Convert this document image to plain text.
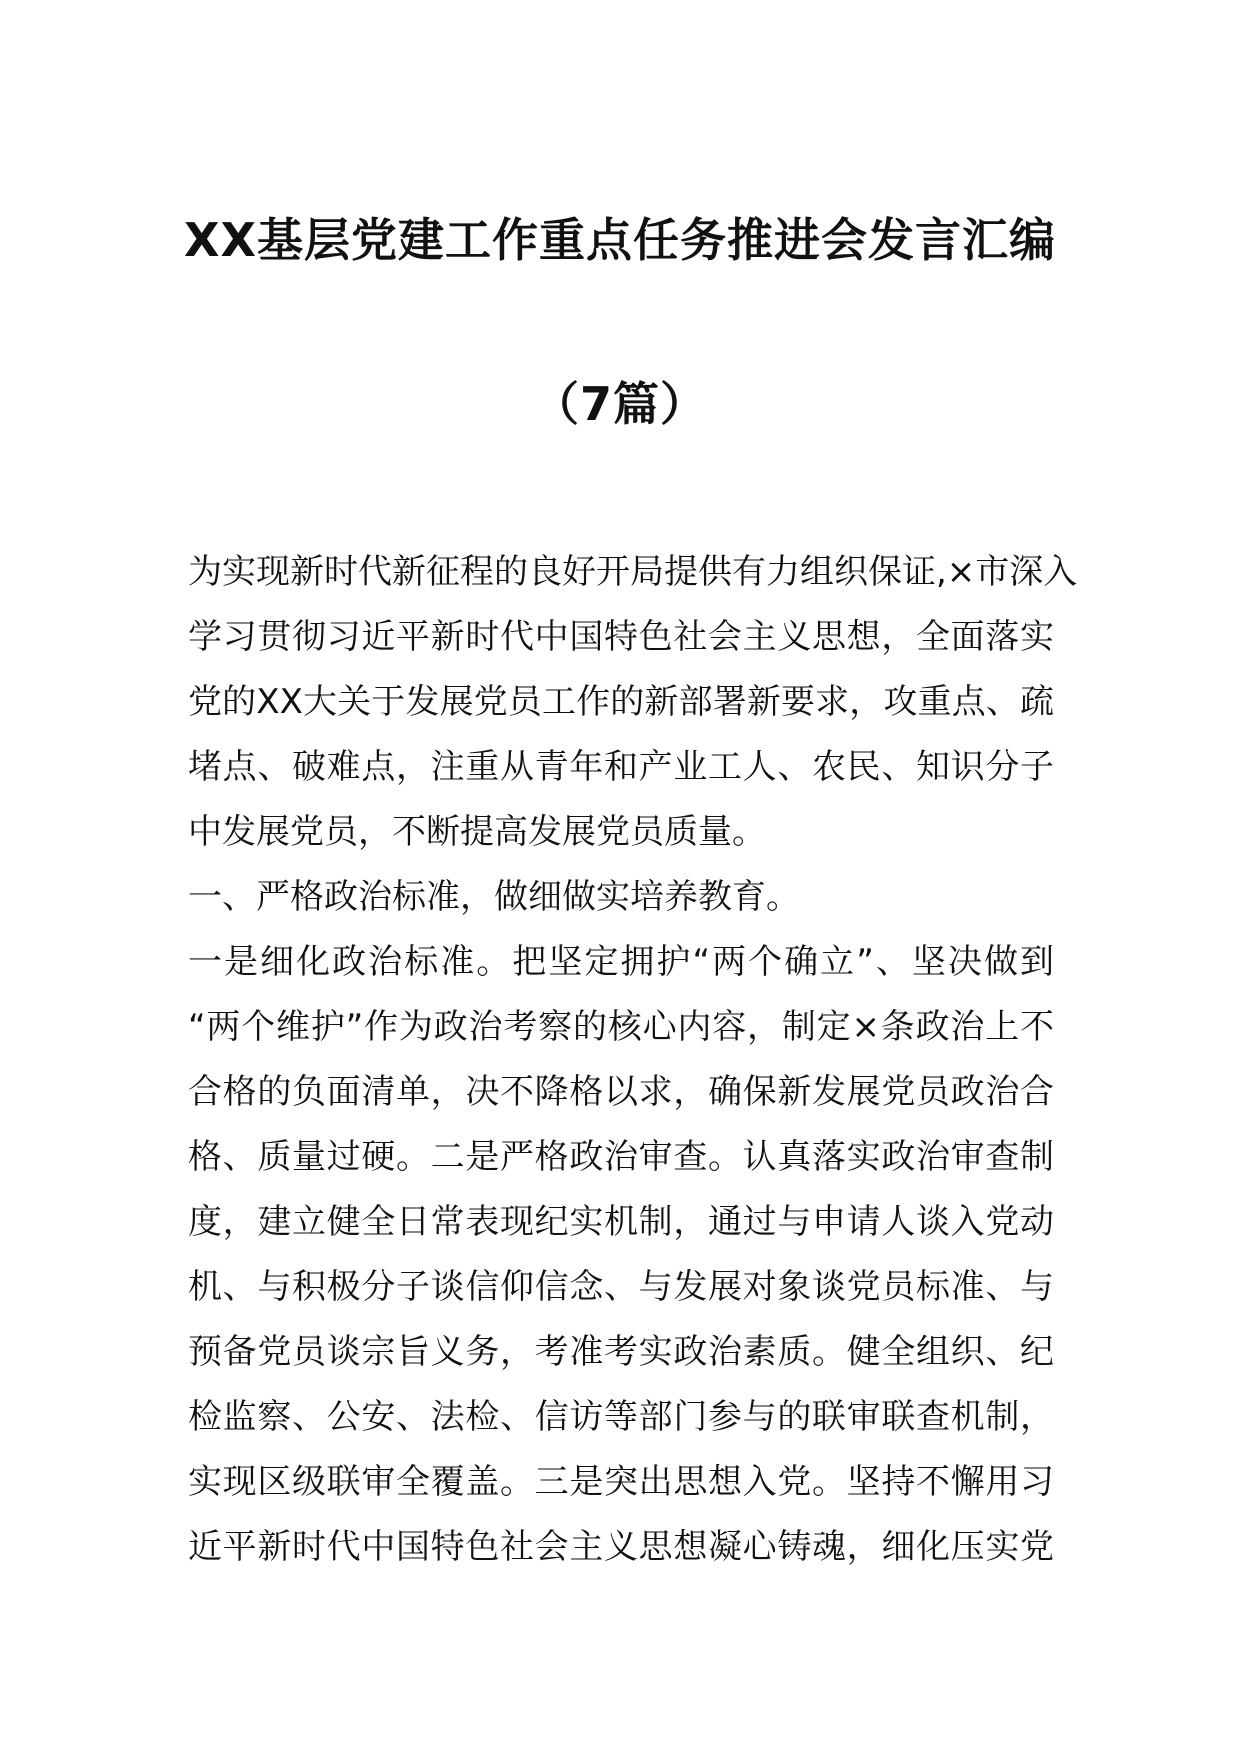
XX基层党建工作重点任务推进会发言汇编
（7篇）
为实现新时代新征程的良好开局提供有力组织保证,×市深入
学习贯彻习近平新时代中国特色社会主义思想，全面落实
党的XX大关于发展党员工作的新部署新要求，攻重点、疏
堵点、破难点，注重从青年和产业工人、农民、知识分子
中发展党员，不断提高发展党员质量。
一、严格政治标准，做细做实培养教育。
一是细化政治标准。把坚定拥护“两个确立”、坚决做到
“两个维护”作为政治考察的核心内容，制定×条政治上不
合格的负面清单，决不降格以求，确保新发展党员政治合
格、质量过硬。二是严格政治审查。认真落实政治审查制
度，建立健全日常表现纪实机制，通过与申请人谈入党动
机、与积极分子谈信仰信念、与发展对象谈党员标准、与
预备党员谈宗旨义务，考准考实政治素质。健全组织、纪
检监察、公安、法检、信访等部门参与的联审联查机制，
实现区级联审全覆盖。三是突出思想入党。坚持不懈用习
近平新时代中国特色社会主义思想凝心铸魂，细化压实党
